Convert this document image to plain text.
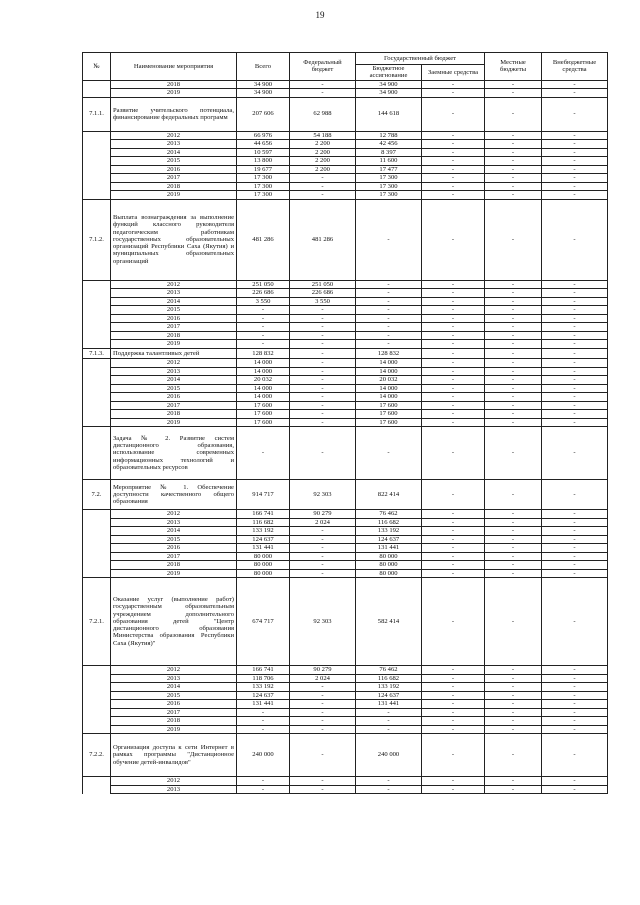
19
№	Наименование мероприятия	Всего	Федеральный бюджет	Государственный бюджет		Местные бюджеты	Внебюджетные средства
				Бюджетное ассигнование	Заемные средства		
	2018	34 900	-	34 900	-	-	-
	2019	34 900	-	34 900	-	-	-
7.1.1.	Развитие учительского потенциала, финансирование федеральных программ	207 606	62 988	144 618	-	-	-
	2012	66 976	54 188	12 788	-	-	-
	2013	44 656	2 200	42 456	-	-	-
	2014	10 597	2 200	8 397	-	-	-
	2015	13 800	2 200	11 600	-	-	-
	2016	19 677	2 200	17 477	-	-	-
	2017	17 300	-	17 300	-	-	-
	2018	17 300	-	17 300	-	-	-
	2019	17 300	-	17 300	-	-	-
7.1.2.	Выплата вознаграждения за выполнение функций классного руководителя педагогическим работникам государственных образовательных организаций Республики Саха (Якутия) и муниципальных образовательных организаций	481 286	481 286	-	-	-	-
	2012	251 050	251 050	-	-	-	-
	2013	226 686	226 686	-	-	-	-
	2014	3 550	3 550	-	-	-	-
	2015	-	-	-	-	-	-
	2016	-	-	-	-	-	-
	2017	-	-	-	-	-	-
	2018	-	-	-	-	-	-
	2019	-	-	-	-	-	-
7.1.3.	Поддержка талантливых детей	128 832	-	128 832	-	-	-
	2012	14 000	-	14 000	-	-	-
	2013	14 000	-	14 000	-	-	-
	2014	20 032	-	20 032	-	-	-
	2015	14 000	-	14 000	-	-	-
	2016	14 000	-	14 000	-	-	-
	2017	17 600	-	17 600	-	-	-
	2018	17 600	-	17 600	-	-	-
	2019	17 600	-	17 600	-	-	-
	Задача № 2. Развитие систем дистанционного образования, использование современных информационных технологий и образовательных ресурсов	-	-	-	-	-	-
7.2.	Мероприятие № 1. Обеспечение доступности качественного общего образования	914 717	92 303	822 414	-	-	-
	2012	166 741	90 279	76 462	-	-	-
	2013	116 682	2 024	116 682	-	-	-
	2014	133 192	-	133 192	-	-	-
	2015	124 637	-	124 637	-	-	-
	2016	131 441	-	131 441	-	-	-
	2017	80 000	-	80 000	-	-	-
	2018	80 000	-	80 000	-	-	-
	2019	80 000	-	80 000	-	-	-
7.2.1.	Оказание услуг (выполнение работ) государственным образовательным учреждением дополнительного образования детей "Центр дистанционного образования Министерства образования Республики Саха (Якутия)"	674 717	92 303	582 414	-	-	-
	2012	166 741	90 279	76 462	-	-	-
	2013	118 706	2 024	116 682	-	-	-
	2014	133 192	-	133 192	-	-	-
	2015	124 637	-	124 637	-	-	-
	2016	131 441	-	131 441	-	-	-
	2017	-	-	-	-	-	-
	2018	-	-	-	-	-	-
	2019	-	-	-	-	-	-
7.2.2.	Организация доступа к сети Интернет в рамках программы "Дистанционное обучение детей-инвалидов"	240 000	-	240 000	-	-	-
	2012	-	-	-	-	-	-
	2013	-	-	-	-	-	-
